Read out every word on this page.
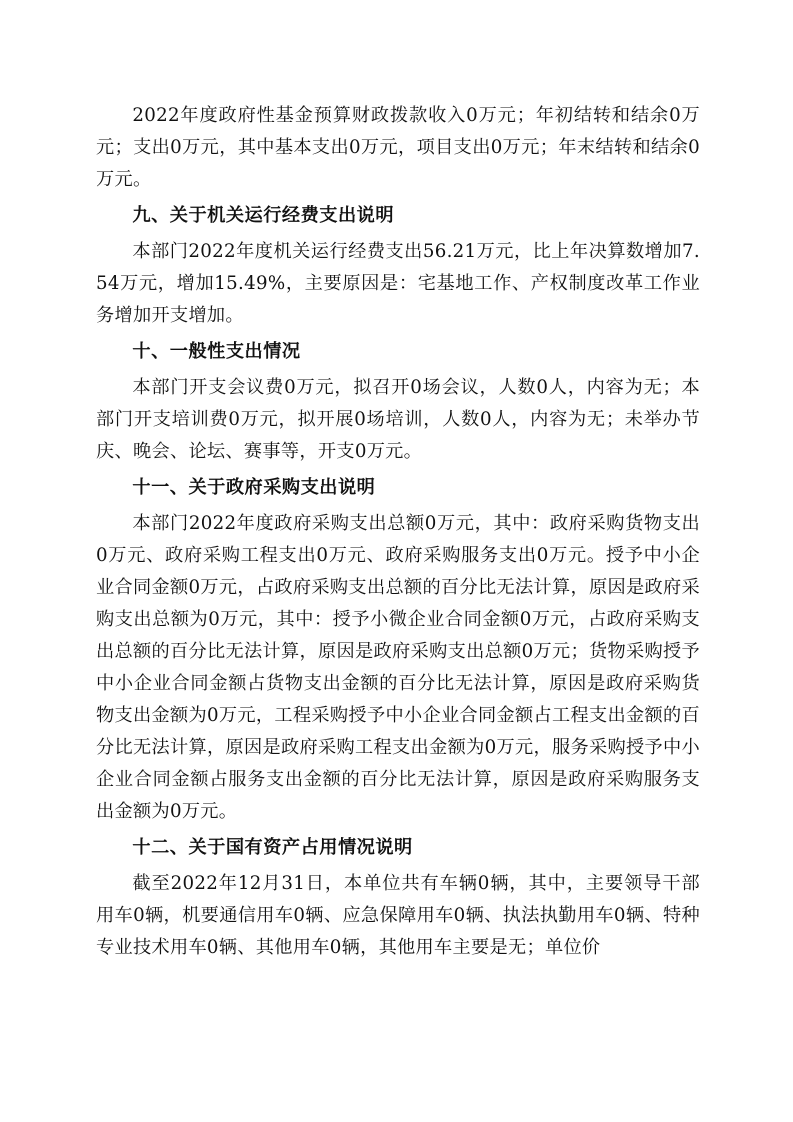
2022年度政府性基金预算财政拨款收入0万元；年初结转和结余0万元；支出0万元，其中基本支出0万元，项目支出0万元；年末结转和结余0万元。

九、关于机关运行经费支出说明

本部门2022年度机关运行经费支出56.21万元，比上年决算数增加7.54万元，增加15.49%，主要原因是：宅基地工作、产权制度改革工作业务增加开支增加。

十、一般性支出情况

本部门开支会议费0万元，拟召开0场会议，人数0人，内容为无；本部门开支培训费0万元，拟开展0场培训，人数0人，内容为无；未举办节庆、晚会、论坛、赛事等，开支0万元。

十一、关于政府采购支出说明

本部门2022年度政府采购支出总额0万元，其中：政府采购货物支出0万元、政府采购工程支出0万元、政府采购服务支出0万元。授予中小企业合同金额0万元，占政府采购支出总额的百分比无法计算，原因是政府采购支出总额为0万元，其中：授予小微企业合同金额0万元，占政府采购支出总额的百分比无法计算，原因是政府采购支出总额0万元；货物采购授予中小企业合同金额占货物支出金额的百分比无法计算，原因是政府采购货物支出金额为0万元，工程采购授予中小企业合同金额占工程支出金额的百分比无法计算，原因是政府采购工程支出金额为0万元，服务采购授予中小企业合同金额占服务支出金额的百分比无法计算，原因是政府采购服务支出金额为0万元。

十二、关于国有资产占用情况说明

截至2022年12月31日，本单位共有车辆0辆，其中，主要领导干部用车0辆，机要通信用车0辆、应急保障用车0辆、执法执勤用车0辆、特种专业技术用车0辆、其他用车0辆，其他用车主要是无；单位价
